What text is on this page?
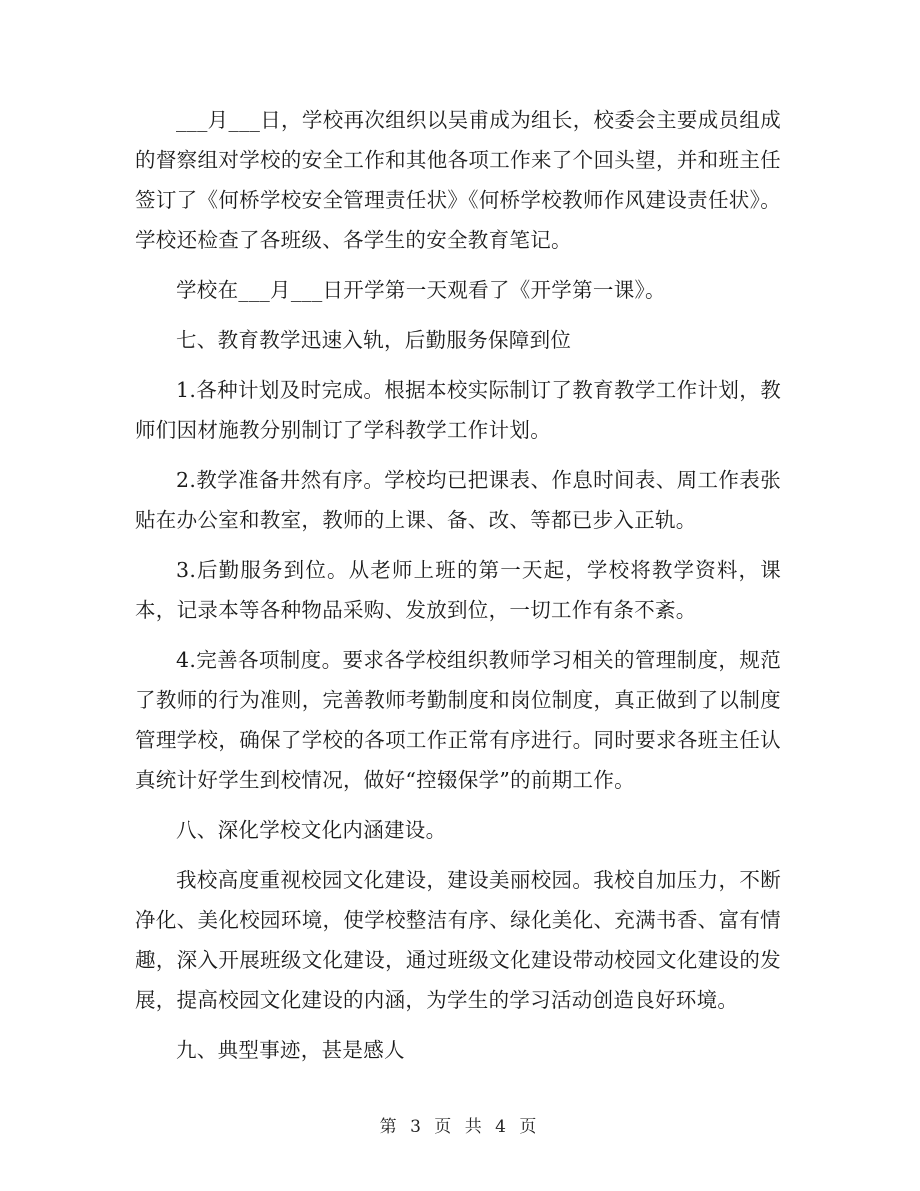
___月___日，学校再次组织以吴甫成为组长，校委会主要成员组成的督察组对学校的安全工作和其他各项工作来了个回头望，并和班主任签订了《何桥学校安全管理责任状》《何桥学校教师作风建设责任状》。学校还检查了各班级、各学生的安全教育笔记。

学校在___月___日开学第一天观看了《开学第一课》。

七、教育教学迅速入轨，后勤服务保障到位

1.各种计划及时完成。根据本校实际制订了教育教学工作计划，教师们因材施教分别制订了学科教学工作计划。

2.教学准备井然有序。学校均已把课表、作息时间表、周工作表张贴在办公室和教室，教师的上课、备、改、等都已步入正轨。

3.后勤服务到位。从老师上班的第一天起，学校将教学资料，课本，记录本等各种物品采购、发放到位，一切工作有条不紊。

4.完善各项制度。要求各学校组织教师学习相关的管理制度，规范了教师的行为准则，完善教师考勤制度和岗位制度，真正做到了以制度管理学校，确保了学校的各项工作正常有序进行。同时要求各班主任认真统计好学生到校情况，做好“控辍保学”的前期工作。

八、深化学校文化内涵建设。

我校高度重视校园文化建设，建设美丽校园。我校自加压力，不断净化、美化校园环境，使学校整洁有序、绿化美化、充满书香、富有情趣，深入开展班级文化建设，通过班级文化建设带动校园文化建设的发展，提高校园文化建设的内涵，为学生的学习活动创造良好环境。

九、典型事迹，甚是感人

第 3 页 共 4 页
